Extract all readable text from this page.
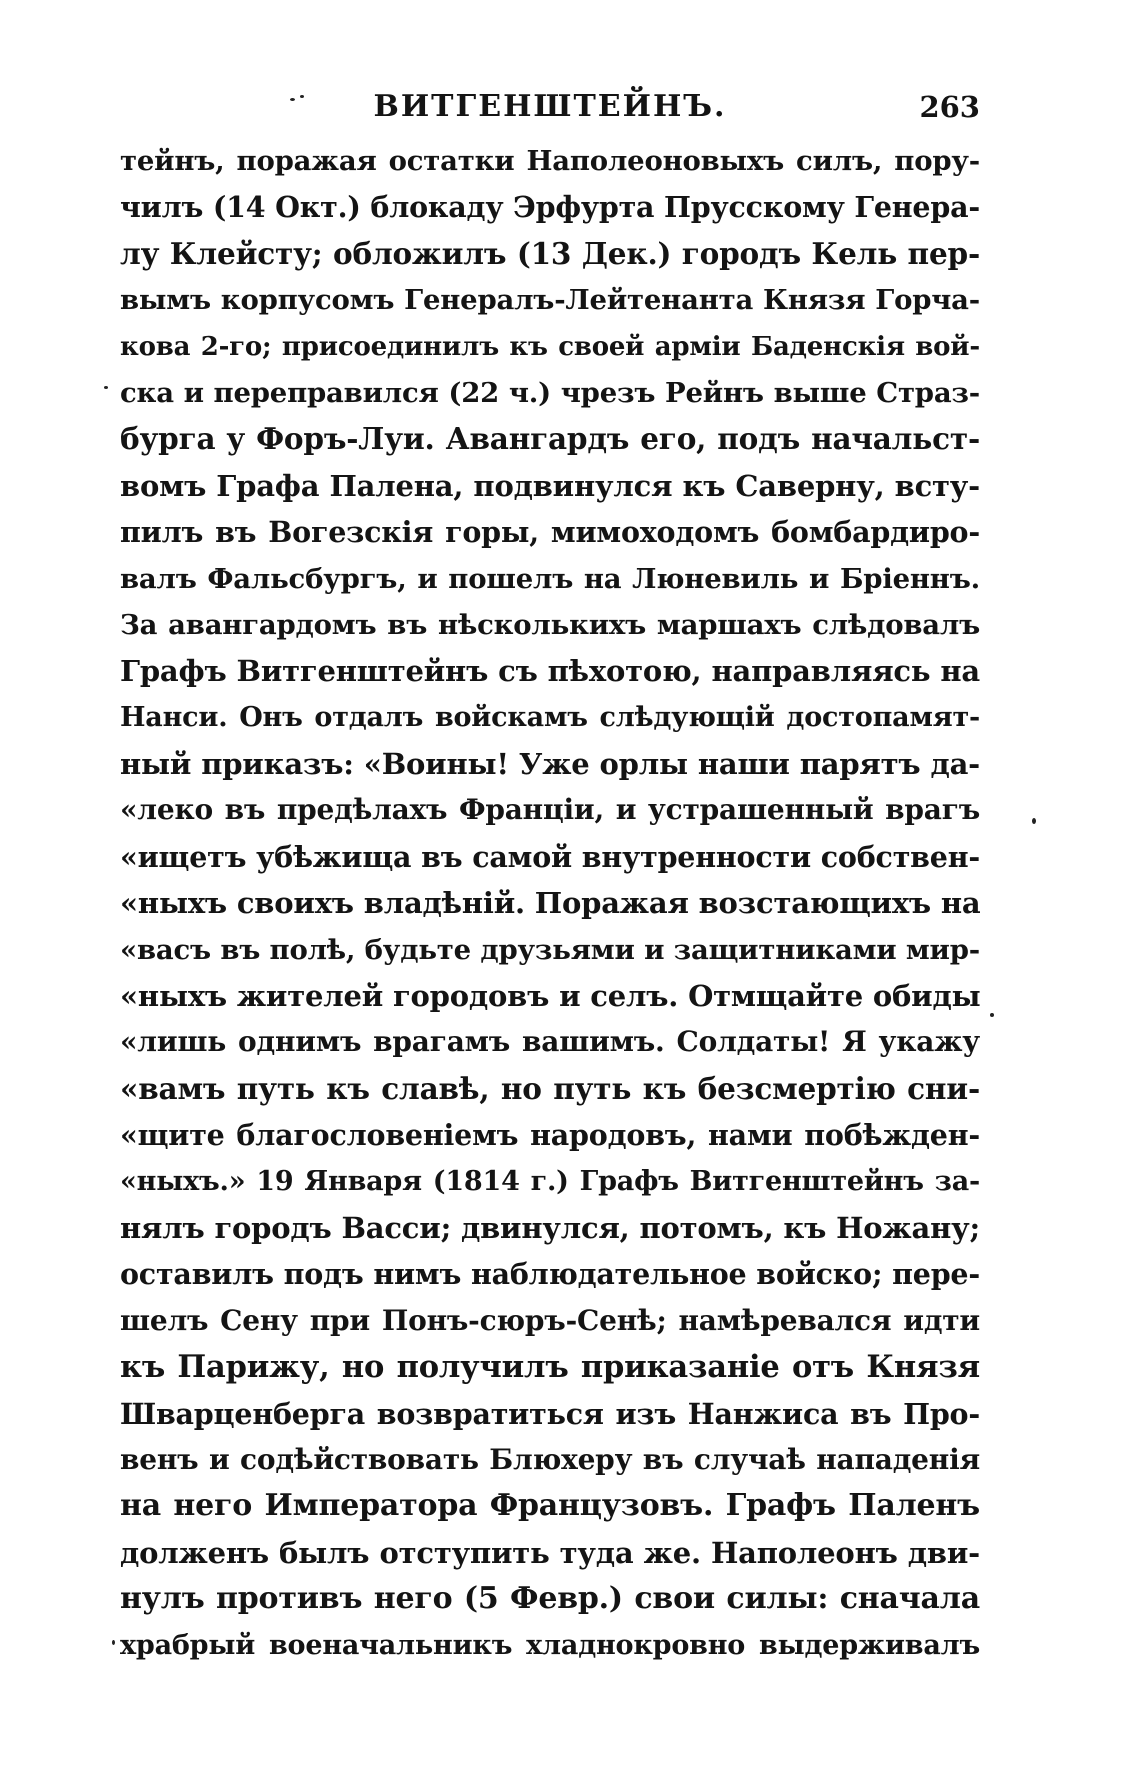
ВИТГЕНШТЕЙНЪ.	263
тейнъ, поражая остатки Наполеоновыхъ силъ, пору-
чилъ (14 Окт.) блокаду Эрфурта Прусскому Генера-
лу Клейсту; обложилъ (13 Дек.) городъ Кель пер-
вымъ корпусомъ Генералъ-Лейтенанта Князя Горча-
кова 2-го; присоединилъ къ своей арміи Баденскія вой-
ска и переправился (22 ч.) чрезъ Рейнъ выше Страз-
бурга у Форъ-Луи. Авангардъ его, подъ начальст-
вомъ Графа Палена, подвинулся къ Саверну, всту-
пилъ въ Вогезскія горы, мимоходомъ бомбардиро-
валъ Фальсбургъ, и пошелъ на Люневиль и Бріеннъ.
За авангардомъ въ нѣсколькихъ маршахъ слѣдовалъ
Графъ Витгенштейнъ съ пѣхотою, направляясь на
Нанси. Онъ отдалъ войскамъ слѣдующій достопамят-
ный приказъ: «Воины! Уже орлы наши парятъ да-
«леко въ предѣлахъ Франціи, и устрашенный врагъ
«ищетъ убѣжища въ самой внутренности собствен-
«ныхъ своихъ владѣній. Поражая возстающихъ на
«васъ въ полѣ, будьте друзьями и защитниками мир-
«ныхъ жителей городовъ и селъ. Отмщайте обиды
«лишь однимъ врагамъ вашимъ. Солдаты! Я укажу
«вамъ путь къ славѣ, но путь къ безсмертію сни-
«щите благословеніемъ народовъ, нами побѣжден-
«ныхъ.» 19 Января (1814 г.) Графъ Витгенштейнъ за-
нялъ городъ Васси; двинулся, потомъ, къ Ножану;
оставилъ подъ нимъ наблюдательное войско; пере-
шелъ Сену при Понъ-сюръ-Сенѣ; намѣревался идти
къ Парижу, но получилъ приказаніе отъ Князя
Шварценберга возвратиться изъ Нанжиса въ Про-
венъ и содѣйствовать Блюхеру въ случаѣ нападенія
на него Императора Французовъ. Графъ Паленъ
долженъ былъ отступить туда же. Наполеонъ дви-
нулъ противъ него (5 Февр.) свои силы: сначала
храбрый военачальникъ хладнокровно выдерживалъ
